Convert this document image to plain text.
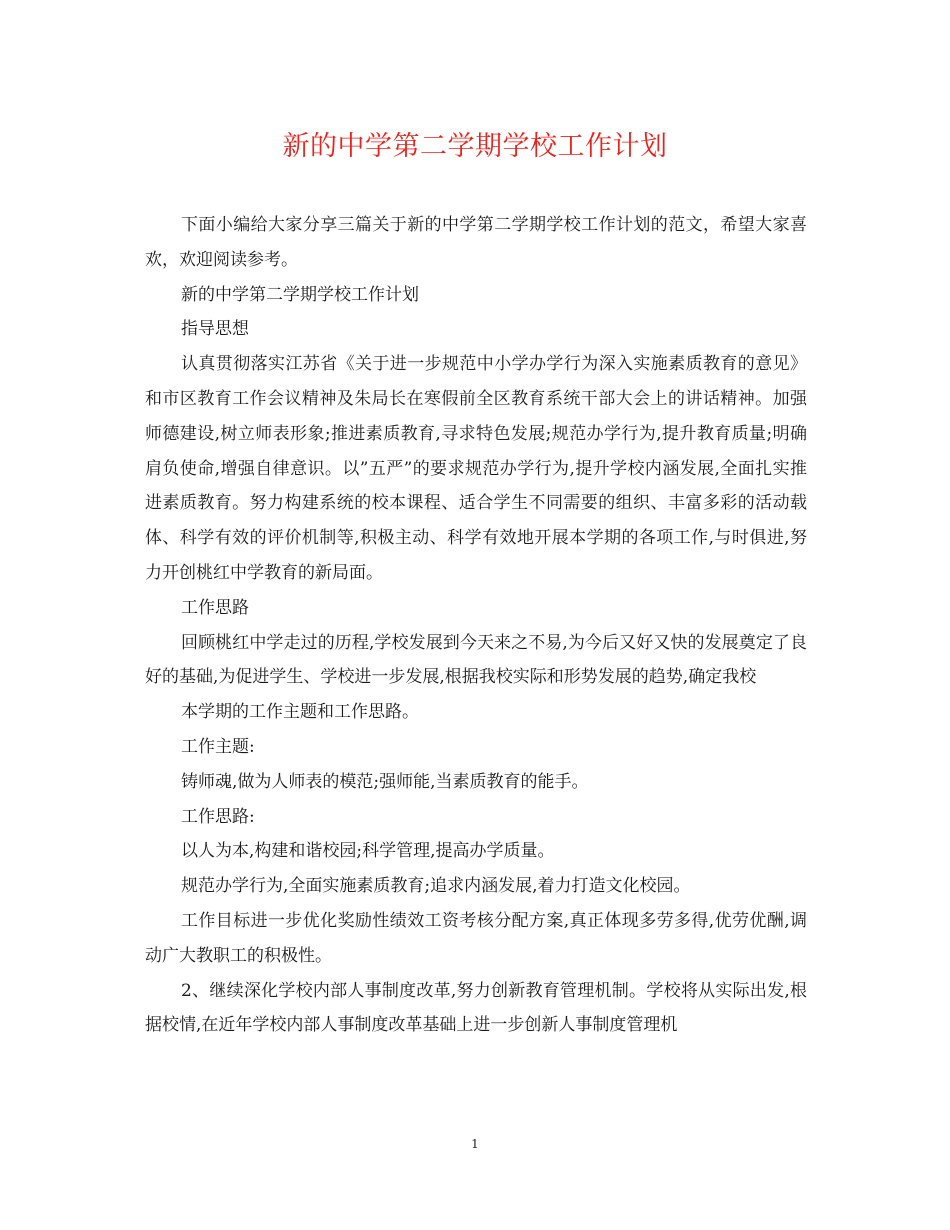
新的中学第二学期学校工作计划

下面小编给大家分享三篇关于新的中学第二学期学校工作计划的范文，希望大家喜欢，欢迎阅读参考。

新的中学第二学期学校工作计划

指导思想

认真贯彻落实江苏省《关于进一步规范中小学办学行为深入实施素质教育的意见》和市区教育工作会议精神及朱局长在寒假前全区教育系统干部大会上的讲话精神。加强师德建设,树立师表形象;推进素质教育,寻求特色发展;规范办学行为,提升教育质量;明确肩负使命,增强自律意识。以”五严”的要求规范办学行为,提升学校内涵发展,全面扎实推进素质教育。努力构建系统的校本课程、适合学生不同需要的组织、丰富多彩的活动载体、科学有效的评价机制等,积极主动、科学有效地开展本学期的各项工作,与时俱进,努力开创桃红中学教育的新局面。

工作思路

回顾桃红中学走过的历程,学校发展到今天来之不易,为今后又好又快的发展奠定了良好的基础,为促进学生、学校进一步发展,根据我校实际和形势发展的趋势,确定我校

本学期的工作主题和工作思路。

工作主题:

铸师魂,做为人师表的模范;强师能,当素质教育的能手。

工作思路:

以人为本,构建和谐校园;科学管理,提高办学质量。

规范办学行为,全面实施素质教育;追求内涵发展,着力打造文化校园。

工作目标进一步优化奖励性绩效工资考核分配方案,真正体现多劳多得,优劳优酬,调动广大教职工的积极性。

2、继续深化学校内部人事制度改革,努力创新教育管理机制。学校将从实际出发,根据校情,在近年学校内部人事制度改革基础上进一步创新人事制度管理机

1
